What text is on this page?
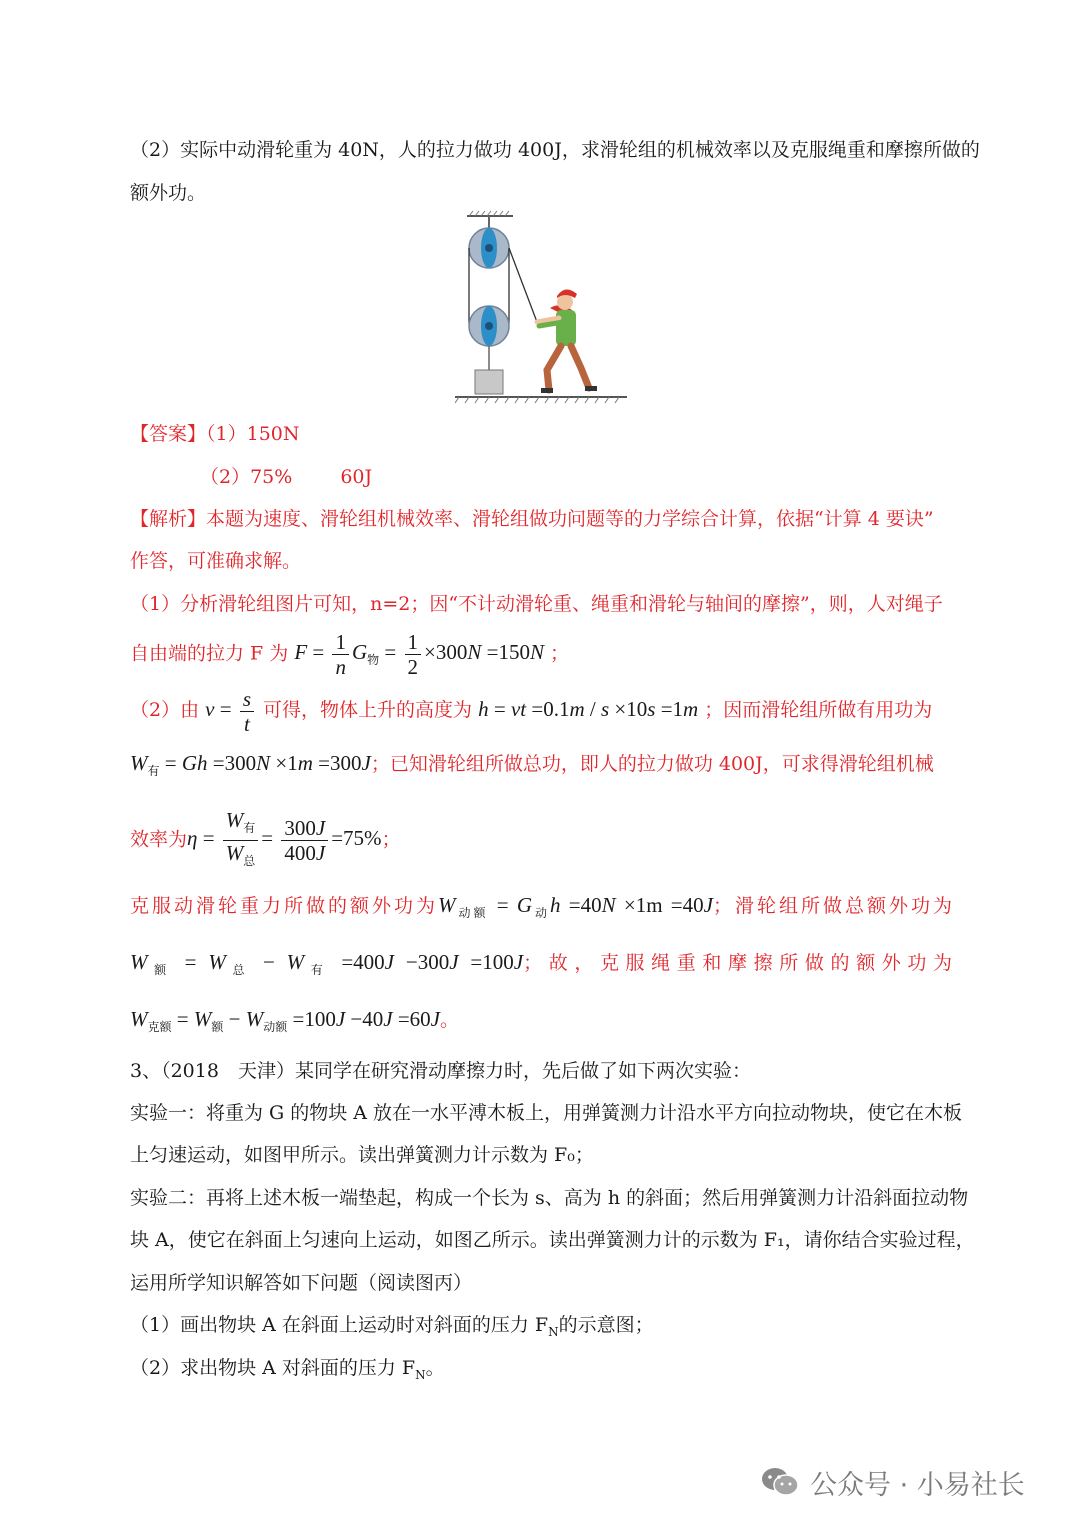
（2）实际中动滑轮重为 40N，人的拉力做功 400J，求滑轮组的机械效率以及克服绳重和摩擦所做的
额外功。
【答案】（1）150N
（2）75%	60J
【解析】本题为速度、滑轮组机械效率、滑轮组做功问题等的力学综合计算，依据“计算 4 要诀”
作答，可准确求解。
（1）分析滑轮组图片可知，n=2；因“不计动滑轮重、绳重和滑轮与轴间的摩擦”，则，人对绳子
自由端的拉力 F 为 $F = \frac{1}{n} G_物 = \frac{1}{2} \times 300N =150N$ ；
（2）由 $v = \frac{s}{t}$ 可得，物体上升的高度为 h = vt =0.1m / s ×10s =1m ；因而滑轮组所做有用功为
$W_有 = Gh =300N \times 1m =300J$；已知滑轮组所做总功，即人的拉力做功 400J，可求得滑轮组机械
效率为$\eta = \frac{W_有}{W_总} = \frac{300J}{400J} =75\%$；
克服动滑轮重力所做的额外功为$W_{动额} = G_动h =40N \times 1m =40J$；滑轮组所做总额外功为
$W_额 = W_总 - W_有 =400J -300J =100J$；故，克服绳重和摩擦所做的额外功为
$W_{克额} = W_额 - W_{动额} =100J -40J =60J$。
3、（2018　天津）某同学在研究滑动摩擦力时，先后做了如下两次实验：
实验一：将重为 G 的物块 A 放在一水平溥木板上，用弹簧测力计沿水平方向拉动物块，使它在木板
上匀速运动，如图甲所示。读出弹簧测力计示数为 F₀；
实验二：再将上述木板一端垫起，构成一个长为 s、高为 h 的斜面；然后用弹簧测力计沿斜面拉动物
块 A，使它在斜面上匀速向上运动，如图乙所示。读出弹簧测力计的示数为 F₁，请你结合实验过程，
运用所学知识解答如下问题（阅读图丙）
（1）画出物块 A 在斜面上运动时对斜面的压力 $F_N$的示意图；
（2）求出物块 A 对斜面的压力 $F_N$。
公众号 · 小易社长
